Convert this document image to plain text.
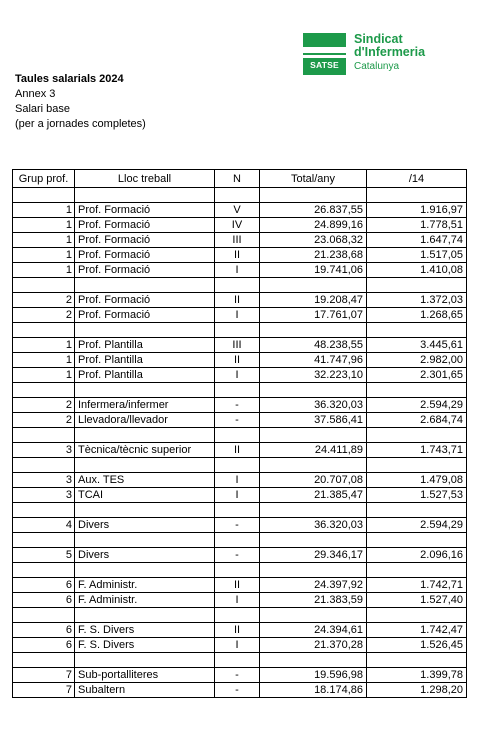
SATSE
Sindicat
d'Infermeria
Catalunya
Taules salarials 2024
Annex 3
Salari base
(per a jornades completes)
Grup prof.	Lloc treball	N	Total/any	/14

1	Prof. Formació	V	26.837,55	1.916,97
1	Prof. Formació	IV	24.899,16	1.778,51
1	Prof. Formació	III	23.068,32	1.647,74
1	Prof. Formació	II	21.238,68	1.517,05
1	Prof. Formació	I	19.741,06	1.410,08

2	Prof. Formació	II	19.208,47	1.372,03
2	Prof. Formació	I	17.761,07	1.268,65

1	Prof. Plantilla	III	48.238,55	3.445,61
1	Prof. Plantilla	II	41.747,96	2.982,00
1	Prof. Plantilla	I	32.223,10	2.301,65

2	Infermera/infermer	-	36.320,03	2.594,29
2	Llevadora/llevador	-	37.586,41	2.684,74

3	Tècnica/tècnic superior	II	24.411,89	1.743,71

3	Aux. TES	I	20.707,08	1.479,08
3	TCAI	I	21.385,47	1.527,53

4	Divers	-	36.320,03	2.594,29

5	Divers	-	29.346,17	2.096,16

6	F. Administr.	II	24.397,92	1.742,71
6	F. Administr.	I	21.383,59	1.527,40

6	F. S. Divers	II	24.394,61	1.742,47
6	F. S. Divers	I	21.370,28	1.526,45

7	Sub-portalliteres	-	19.596,98	1.399,78
7	Subaltern	-	18.174,86	1.298,20
